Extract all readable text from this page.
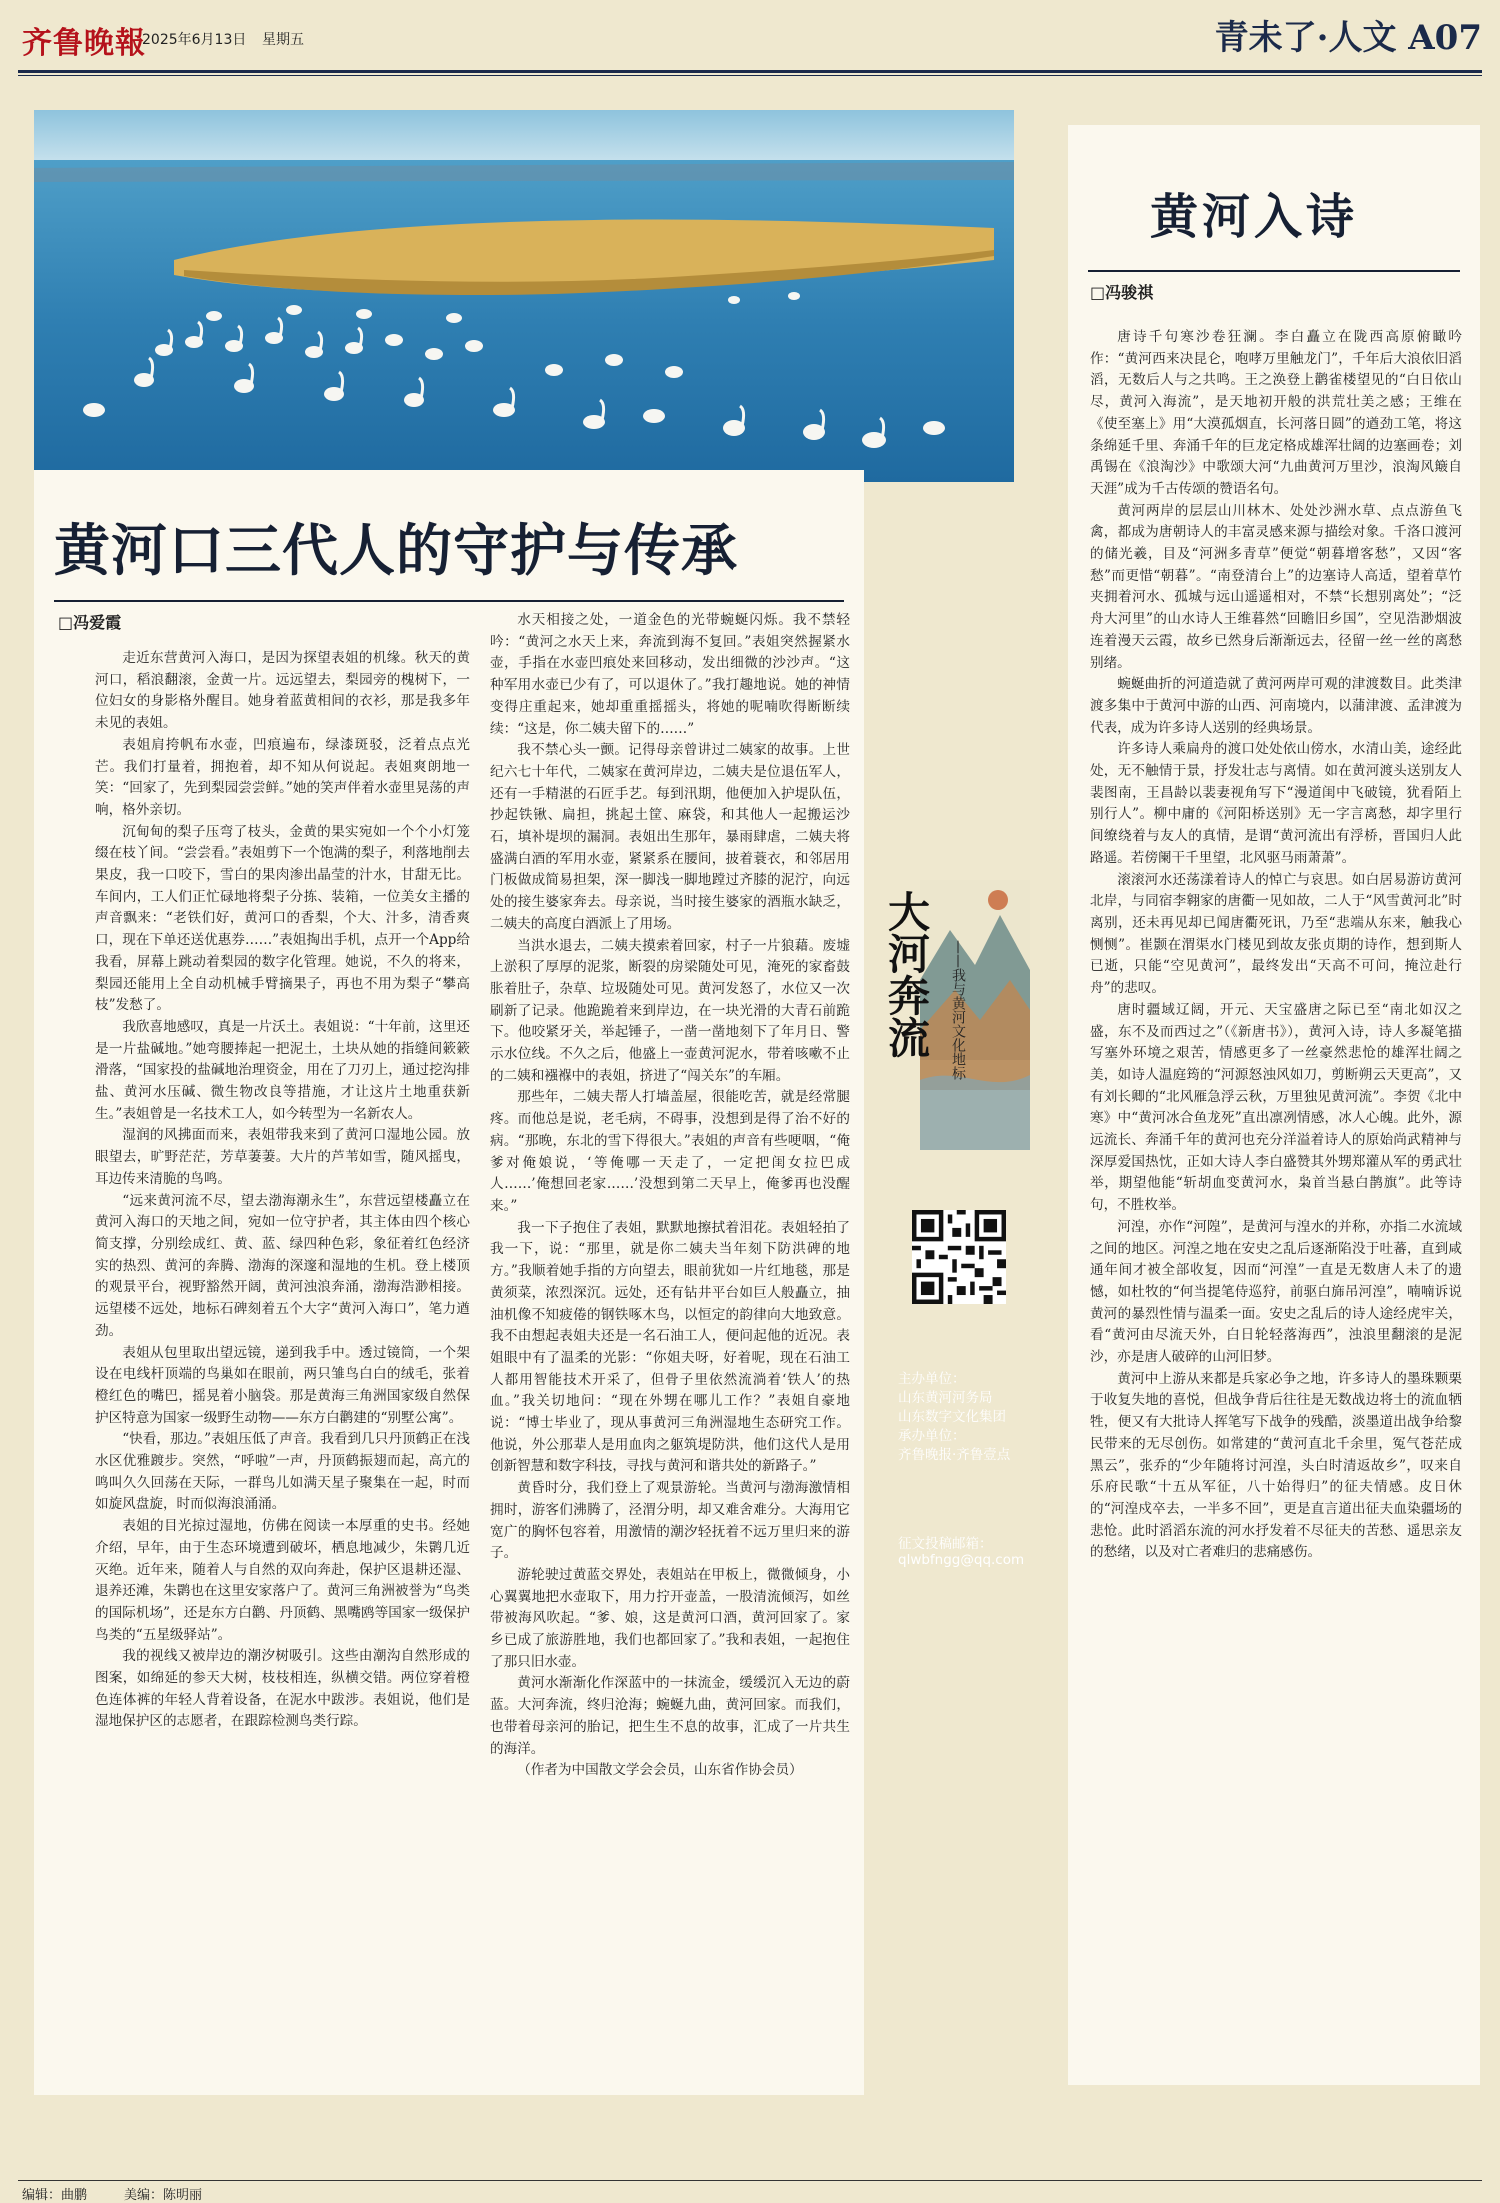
齐鲁晚報
2025年6月13日 星期五	青未了·人文 A07
黄河口三代人的守护与传承
□冯爱霞

走近东营黄河入海口，是因为探望表姐的机缘。秋天的黄河口，稻浪翻滚，金黄一片。远远望去，梨园旁的槐树下，一位妇女的身影格外醒目。她身着蓝黄相间的衣衫，那是我多年未见的表姐。

表姐肩挎帆布水壶，凹痕遍布，绿漆斑驳，泛着点点光芒。我们打量着，拥抱着，却不知从何说起。表姐爽朗地一笑：“回家了，先到梨园尝尝鲜。”她的笑声伴着水壶里晃荡的声响，格外亲切。

沉甸甸的梨子压弯了枝头，金黄的果实宛如一个个小灯笼缀在枝丫间。“尝尝看。”表姐剪下一个饱满的梨子，利落地削去果皮，我一口咬下，雪白的果肉渗出晶莹的汁水，甘甜无比。车间内，工人们正忙碌地将梨子分拣、装箱，一位美女主播的声音飘来：“老铁们好，黄河口的香梨，个大、汁多，清香爽口，现在下单还送优惠券……”表姐掏出手机，点开一个App给我看，屏幕上跳动着梨园的数字化管理。她说，不久的将来，梨园还能用上全自动机械手臂摘果子，再也不用为梨子“攀高枝”发愁了。

我欣喜地感叹，真是一片沃土。表姐说：“十年前，这里还是一片盐碱地。”她弯腰捧起一把泥土，土块从她的指缝间簌簌滑落，“国家投的盐碱地治理资金，用在了刀刃上，通过挖沟排盐、黄河水压碱、微生物改良等措施，才让这片土地重获新生。”表姐曾是一名技术工人，如今转型为一名新农人。

湿润的风拂面而来，表姐带我来到了黄河口湿地公园。放眼望去，旷野茫茫，芳草萋萋。大片的芦苇如雪，随风摇曳，耳边传来清脆的鸟鸣。

“远来黄河流不尽，望去渤海潮永生”，东营远望楼矗立在黄河入海口的天地之间，宛如一位守护者，其主体由四个核心简支撑，分别绘成红、黄、蓝、绿四种色彩，象征着红色经济实的热烈、黄河的奔腾、渤海的深邃和湿地的生机。登上楼顶的观景平台，视野豁然开阔，黄河浊浪奔涌，渤海浩渺相接。远望楼不远处，地标石碑刻着五个大字“黄河入海口”，笔力遒劲。

表姐从包里取出望远镜，递到我手中。透过镜筒，一个架设在电线杆顶端的鸟巢如在眼前，两只雏鸟白白的绒毛，张着橙红色的嘴巴，摇晃着小脑袋。那是黄海三角洲国家级自然保护区特意为国家一级野生动物——东方白鹳建的“别墅公寓”。

“快看，那边。”表姐压低了声音。我看到几只丹顶鹤正在浅水区优雅踱步。突然，“呼啦”一声，丹顶鹤振翅而起，高亢的鸣叫久久回荡在天际，一群鸟儿如满天星子聚集在一起，时而如旋风盘旋，时而似海浪涌涌。

表姐的目光掠过湿地，仿佛在阅读一本厚重的史书。经她介绍，早年，由于生态环境遭到破坏，栖息地减少，朱鹮几近灭绝。近年来，随着人与自然的双向奔赴，保护区退耕还湿、退养还滩，朱鹮也在这里安家落户了。黄河三角洲被誉为“鸟类的国际机场”，还是东方白鹳、丹顶鹤、黑嘴鸥等国家一级保护鸟类的“五星级驿站”。

我的视线又被岸边的潮汐树吸引。这些由潮沟自然形成的图案，如绵延的参天大树，枝枝相连，纵横交错。两位穿着橙色连体裤的年轻人背着设备，在泥水中跋涉。表姐说，他们是湿地保护区的志愿者，在跟踪检测鸟类行踪。

水天相接之处，一道金色的光带蜿蜒闪烁。我不禁轻吟：“黄河之水天上来，奔流到海不复回。”表姐突然握紧水壶，手指在水壶凹痕处来回移动，发出细微的沙沙声。“这种军用水壶已少有了，可以退休了。”我打趣地说。她的神情变得庄重起来，她却重重摇摇头，将她的呢喃吹得断断续续：“这是，你二姨夫留下的……”

我不禁心头一颤。记得母亲曾讲过二姨家的故事。上世纪六七十年代，二姨家在黄河岸边，二姨夫是位退伍军人，还有一手精湛的石匠手艺。每到汛期，他便加入护堤队伍，抄起铁锹、扁担，挑起土筐、麻袋，和其他人一起搬运沙石，填补堤坝的漏洞。表姐出生那年，暴雨肆虐，二姨夫将盛满白酒的军用水壶，紧紧系在腰间，披着蓑衣，和邻居用门板做成简易担架，深一脚浅一脚地蹚过齐膝的泥泞，向远处的接生婆家奔去。母亲说，当时接生婆家的酒瓶水缺乏，二姨夫的高度白酒派上了用场。

当洪水退去，二姨夫摸索着回家，村子一片狼藉。废墟上淤积了厚厚的泥浆，断裂的房梁随处可见，淹死的家畜鼓胀着肚子，杂草、垃圾随处可见。黄河发怒了，水位又一次刷新了记录。他跪跪着来到岸边，在一块光滑的大青石前跪下。他咬紧牙关，举起锤子，一凿一凿地刻下了年月日、警示水位线。不久之后，他盛上一壶黄河泥水，带着咳嗽不止的二姨和襁褓中的表姐，挤进了“闯关东”的车厢。

那些年，二姨夫帮人打墙盖屋，很能吃苦，就是经常腿疼。而他总是说，老毛病，不碍事，没想到是得了治不好的病。“那晚，东北的雪下得很大。”表姐的声音有些哽咽，“俺爹对俺娘说，‘等俺哪一天走了，一定把闺女拉巴成人……’俺想回老家……’没想到第二天早上，俺爹再也没醒来。”

我一下子抱住了表姐，默默地擦拭着泪花。表姐轻拍了我一下，说：“那里，就是你二姨夫当年刻下防洪碑的地方。”我顺着她手指的方向望去，眼前犹如一片红地毯，那是黄须菜，浓烈深沉。远处，还有钻井平台如巨人般矗立，抽油机像不知疲倦的钢铁啄木鸟，以恒定的韵律向大地致意。我不由想起表姐夫还是一名石油工人，便问起他的近况。表姐眼中有了温柔的光影：“你姐夫呀，好着呢，现在石油工人都用智能技术开采了，但骨子里依然流淌着‘铁人’的热血。”我关切地问：“现在外甥在哪儿工作？”表姐自豪地说：“博士毕业了，现从事黄河三角洲湿地生态研究工作。他说，外公那辈人是用血肉之躯筑堤防洪，他们这代人是用创新智慧和数字科技，寻找与黄河和谐共处的新路子。”

黄昏时分，我们登上了观景游轮。当黄河与渤海激情相拥时，游客们沸腾了，泾渭分明，却又难舍难分。大海用它宽广的胸怀包容着，用激情的潮汐轻抚着不远万里归来的游子。

游轮驶过黄蓝交界处，表姐站在甲板上，微微倾身，小心翼翼地把水壶取下，用力拧开壶盖，一股清流倾泻，如丝带被海风吹起。“爹、娘，这是黄河口酒，黄河回家了。家乡已成了旅游胜地，我们也都回家了。”我和表姐，一起抱住了那只旧水壶。

黄河水渐渐化作深蓝中的一抹流金，缓缓沉入无边的蔚蓝。大河奔流，终归沧海；蜿蜒九曲，黄河回家。而我们，也带着母亲河的胎记，把生生不息的故事，汇成了一片共生的海洋。

（作者为中国散文学会会员，山东省作协会员）

黄河入诗
□冯骏祺

唐诗千句寒沙卷狂澜。李白矗立在陇西高原俯瞰吟作：“黄河西来决昆仑，咆哮万里触龙门”，千年后大浪依旧滔滔，无数后人与之共鸣。王之涣登上鹳雀楼望见的“白日依山尽，黄河入海流”，是天地初开般的洪荒壮美之感；王维在《使至塞上》用“大漠孤烟直，长河落日圆”的遒劲工笔，将这条绵延千里、奔涌千年的巨龙定格成雄浑壮阔的边塞画卷；刘禹锡在《浪淘沙》中歌颂大河“九曲黄河万里沙，浪淘风簸自天涯”成为千古传颂的赞语名句。

黄河两岸的层层山川林木、处处沙洲水草、点点游鱼飞禽，都成为唐朝诗人的丰富灵感来源与描绘对象。千洛口渡河的储光羲，目及“河洲多青草”便觉“朝暮增客愁”，又因“客愁”而更惜“朝暮”。“南登清台上”的边塞诗人高适，望着草竹夹拥着河水、孤城与远山遥遥相对，不禁“长想别离处”；“泛舟大河里”的山水诗人王维暮然“回瞻旧乡国”，空见浩渺烟波连着漫天云霞，故乡已然身后渐渐远去，径留一丝一丝的离愁别绪。

蜿蜒曲折的河道造就了黄河两岸可观的津渡数目。此类津渡多集中于黄河中游的山西、河南境内，以蒲津渡、孟津渡为代表，成为许多诗人送别的经典场景。

许多诗人乘扁舟的渡口处处依山傍水，水清山美，途经此处，无不触情于景，抒发壮志与离情。如在黄河渡头送别友人裴图南，王昌龄以裴妻视角写下“漫道闺中飞破镜，犹看陌上别行人”。柳中庸的《河阳桥送别》无一字言离愁，却字里行间缭绕着与友人的真情，是谓“黄河流出有浮桥，晋国归人此路遥。若傍阑干千里望，北风驱马雨萧萧”。

滚滚河水还荡漾着诗人的悼亡与哀思。如白居易游访黄河北岸，与同宿李翱家的唐衢一见如故，二人于“风雪黄河北”时离别，还未再见却已闻唐衢死讯，乃至“悲端从东来，触我心恻恻”。崔颢在渭渠水门楼见到故友张贞期的诗作，想到斯人已逝，只能“空见黄河”，最终发出“天高不可问，掩泣赴行舟”的悲叹。

唐时疆域辽阔，开元、天宝盛唐之际已至“南北如汉之盛，东不及而西过之”（《新唐书》），黄河入诗，诗人多凝笔描写塞外环境之艰苦，情感更多了一丝豪然悲怆的雄浑壮阔之美，如诗人温庭筠的“河源怒浊风如刀，剪断朔云天更高”，又有刘长卿的“北风雁急浮云秋，万里独见黄河流”。李贺《北中寒》中“黄河冰合鱼龙死”直出凛冽情感，冰人心魄。此外，源远流长、奔涌千年的黄河也充分洋溢着诗人的原始尚武精神与深厚爱国热忱，正如大诗人李白盛赞其外甥郑灌从军的勇武壮举，期望他能“斩胡血变黄河水，枭首当悬白鹊旗”。此等诗句，不胜枚举。

河湟，亦作“河隍”，是黄河与湟水的并称，亦指二水流域之间的地区。河湟之地在安史之乱后逐渐陷没于吐蕃，直到咸通年间才被全部收复，因而“河湟”一直是无数唐人未了的遗憾，如杜牧的“何当提笔侍巡狩，前驱白旆吊河湟”，喃喃诉说黄河的暴烈性情与温柔一面。安史之乱后的诗人途经虎牢关，看“黄河由尽流天外，白日轮轻落海西”，浊浪里翻滚的是泥沙，亦是唐人破碎的山河旧梦。

黄河中上游从来都是兵家必争之地，许多诗人的墨珠颗栗于收复失地的喜悦，但战争背后往往是无数战边将士的流血牺牲，便又有大批诗人挥笔写下战争的残酷，淡墨道出战争给黎民带来的无尽创伤。如常建的“黄河直北千余里，冤气苍茫成黑云”，张乔的“少年随将讨河湟，头白时清返故乡”，叹来自乐府民歌“十五从军征，八十始得归”的征夫情感。皮日休的“河湟戍卒去，一半多不回”，更是直言道出征夫血染疆场的悲怆。此时滔滔东流的河水抒发着不尽征夫的苦愁、遥思亲友的愁绪，以及对亡者难归的悲痛感伤。

大河奔流 ——我与黄河文化地标
主办单位：
山东黄河河务局
山东数字文化集团
承办单位：
齐鲁晚报·齐鲁壹点
征文投稿邮箱：
qlwbfngg@qq.com
编辑：曲鹏	美编：陈明丽
